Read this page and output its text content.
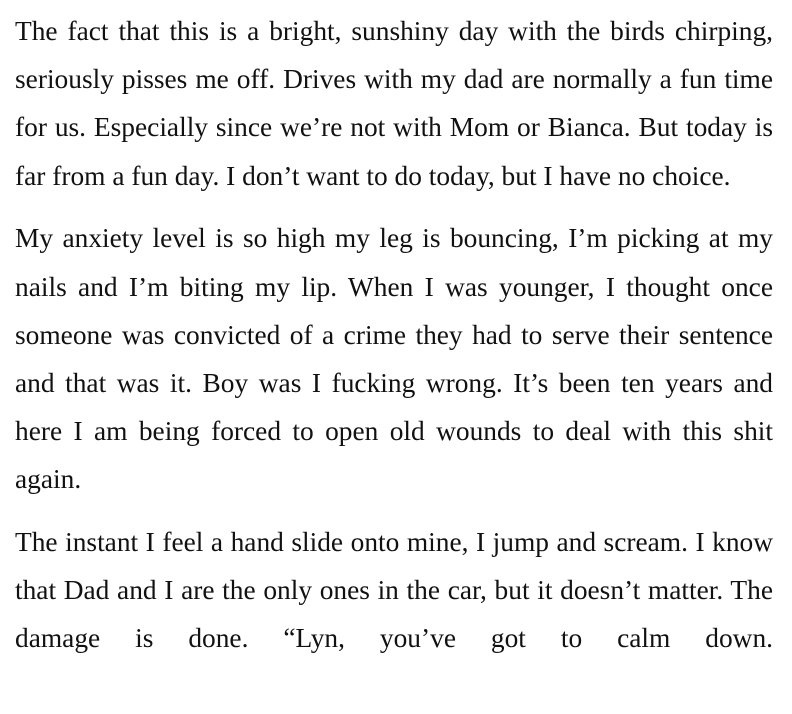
The fact that this is a bright, sunshiny day with the birds chirping, seriously pisses me off. Drives with my dad are normally a fun time for us. Especially since we’re not with Mom or Bianca. But today is far from a fun day. I don’t want to do today, but I have no choice.

My anxiety level is so high my leg is bouncing, I’m picking at my nails and I’m biting my lip. When I was younger, I thought once someone was convicted of a crime they had to serve their sentence and that was it. Boy was I fucking wrong. It’s been ten years and here I am being forced to open old wounds to deal with this shit again.

The instant I feel a hand slide onto mine, I jump and scream. I know that Dad and I are the only ones in the car, but it doesn’t matter. The damage is done. “Lyn, you’ve got to calm down.
